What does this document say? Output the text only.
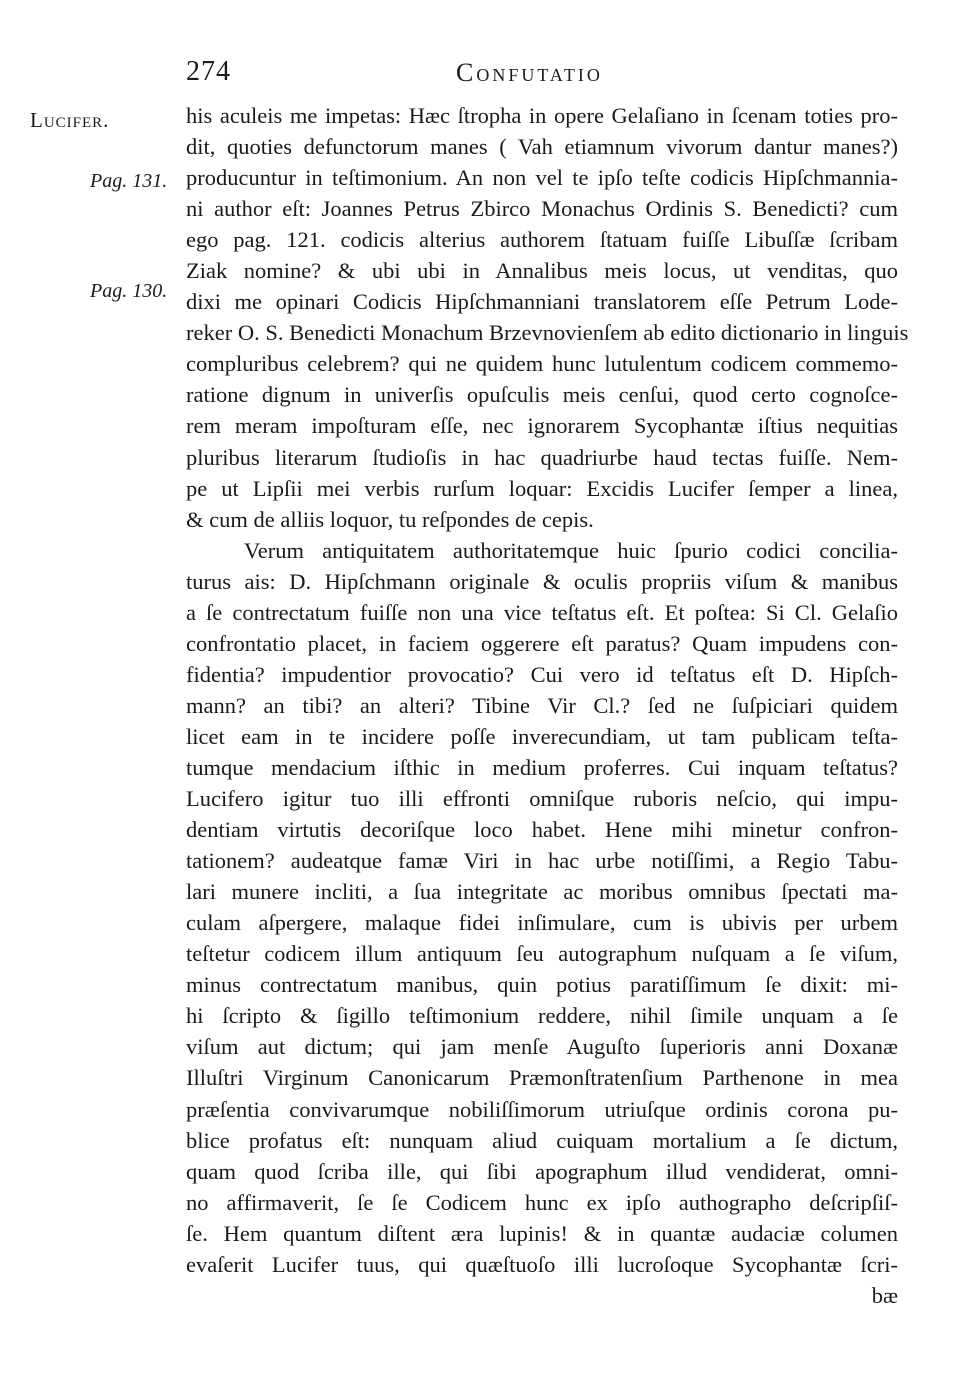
274	Confutatio
Lucifer.
Pag. 131.
Pag. 130.
his aculeis me impetas: Hæc ſtropha in opere Gelaſiano in ſcenam toties pro-
dit, quoties defunctorum manes ( Vah etiamnum vivorum dantur manes?)
producuntur in teſtimonium. An non vel te ipſo teſte codicis Hipſchmannia-
ni author eſt: Joannes Petrus Zbirco Monachus Ordinis S. Benedicti? cum
ego pag. 121. codicis alterius authorem ſtatuam fuiſſe Libuſſæ ſcribam
Ziak nomine? & ubi ubi in Annalibus meis locus, ut venditas, quo
dixi me opinari Codicis Hipſchmanniani translatorem eſſe Petrum Lode-
reker O. S. Benedicti Monachum Brzevnovienſem ab edito dictionario in linguis
compluribus celebrem? qui ne quidem hunc lutulentum codicem commemo-
ratione dignum in univerſis opuſculis meis cenſui, quod certo cognoſce-
rem meram impoſturam eſſe, nec ignorarem Sycophantæ iſtius nequitias
pluribus literarum ſtudioſis in hac quadriurbe haud tectas fuiſſe. Nem-
pe ut Lipſii mei verbis rurſum loquar: Excidis Lucifer ſemper a linea,
& cum de alliis loquor, tu reſpondes de cepis.
Verum antiquitatem authoritatemque huic ſpurio codici concilia-
turus ais: D. Hipſchmann originale & oculis propriis viſum & manibus
a ſe contrectatum fuiſſe non una vice teſtatus eſt. Et poſtea: Si Cl. Gelaſio
confrontatio placet, in faciem oggerere eſt paratus? Quam impudens con-
fidentia? impudentior provocatio? Cui vero id teſtatus eſt D. Hipſch-
mann? an tibi? an alteri? Tibine Vir Cl.? ſed ne ſuſpiciari quidem
licet eam in te incidere poſſe inverecundiam, ut tam publicam teſta-
tumque mendacium iſthic in medium proferres. Cui inquam teſtatus?
Lucifero igitur tuo illi effronti omniſque ruboris neſcio, qui impu-
dentiam virtutis decoriſque loco habet. Hene mihi minetur confron-
tationem? audeatque famæ Viri in hac urbe notiſſimi, a Regio Tabu-
lari munere incliti, a ſua integritate ac moribus omnibus ſpectati ma-
culam aſpergere, malaque fidei inſimulare, cum is ubivis per urbem
teſtetur codicem illum antiquum ſeu autographum nuſquam a ſe viſum,
minus contrectatum manibus, quin potius paratiſſimum ſe dixit: mi-
hi ſcripto & ſigillo teſtimonium reddere, nihil ſimile unquam a ſe
viſum aut dictum; qui jam menſe Auguſto ſuperioris anni Doxanæ
Illuſtri Virginum Canonicarum Præmonſtratenſium Parthenone in mea
præſentia convivarumque nobiliſſimorum utriuſque ordinis corona pu-
blice profatus eſt: nunquam aliud cuiquam mortalium a ſe dictum,
quam quod ſcriba ille, qui ſibi apographum illud vendiderat, omni-
no affirmaverit, ſe ſe Codicem hunc ex ipſo authographo deſcripſiſ-
ſe. Hem quantum diſtent æra lupinis! & in quantæ audaciæ columen
evaſerit Lucifer tuus, qui quæſtuoſo illi lucroſoque Sycophantæ ſcri-
bæ
